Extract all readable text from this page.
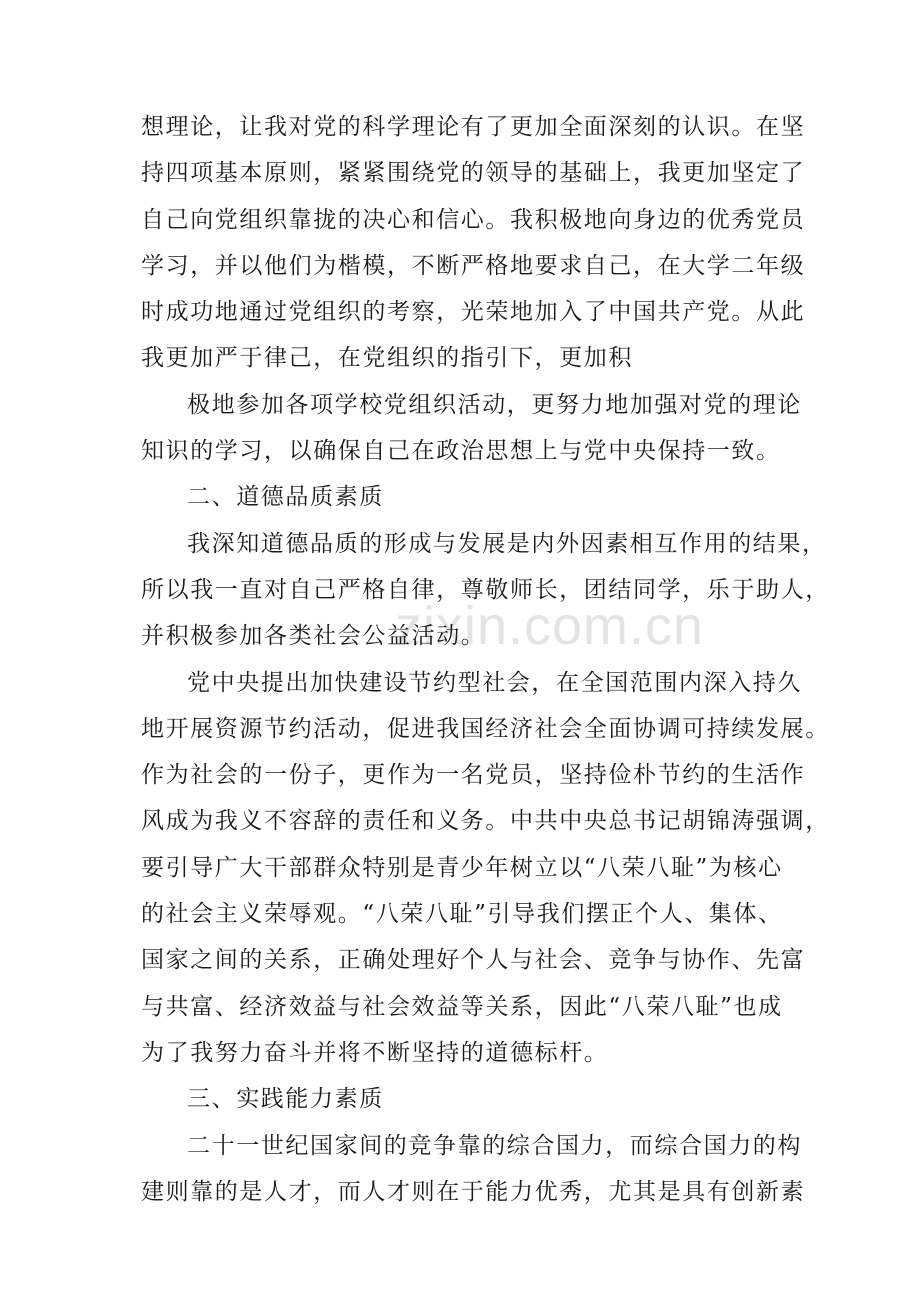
zixin.com.cn
想理论，让我对党的科学理论有了更加全面深刻的认识。在坚
持四项基本原则，紧紧围绕党的领导的基础上，我更加坚定了
自己向党组织靠拢的决心和信心。我积极地向身边的优秀党员
学习，并以他们为楷模，不断严格地要求自己，在大学二年级
时成功地通过党组织的考察，光荣地加入了中国共产党。从此
我更加严于律己，在党组织的指引下，更加积
极地参加各项学校党组织活动，更努力地加强对党的理论
知识的学习，以确保自己在政治思想上与党中央保持一致。
二、道德品质素质
我深知道德品质的形成与发展是内外因素相互作用的结果，
所以我一直对自己严格自律，尊敬师长，团结同学，乐于助人，
并积极参加各类社会公益活动。
党中央提出加快建设节约型社会，在全国范围内深入持久
地开展资源节约活动，促进我国经济社会全面协调可持续发展。
作为社会的一份子，更作为一名党员，坚持俭朴节约的生活作
风成为我义不容辞的责任和义务。中共中央总书记胡锦涛强调，
要引导广大干部群众特别是青少年树立以“八荣八耻”为核心
的社会主义荣辱观。“八荣八耻”引导我们摆正个人、集体、
国家之间的关系，正确处理好个人与社会、竞争与协作、先富
与共富、经济效益与社会效益等关系，因此“八荣八耻”也成
为了我努力奋斗并将不断坚持的道德标杆。
三、实践能力素质
二十一世纪国家间的竞争靠的综合国力，而综合国力的构
建则靠的是人才，而人才则在于能力优秀，尤其是具有创新素
